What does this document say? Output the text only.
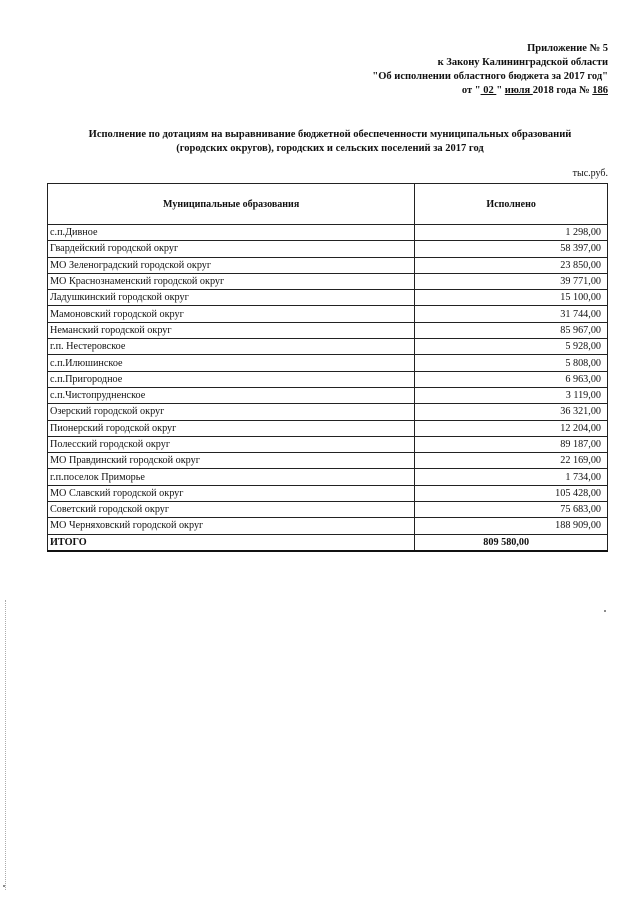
Приложение № 5
к Закону Калининградской области
"Об исполнении областного бюджета за 2017 год"
от " 02 " июля 2018 года № 186
Исполнение по дотациям на выравнивание бюджетной обеспеченности муниципальных образований
(городских округов), городских и сельских поселений за 2017 год
тыс.руб.
Муниципальные образования	Исполнено
с.п.Дивное	1 298,00
Гвардейский городской округ	58 397,00
МО Зеленоградский городской округ	23 850,00
МО Краснознаменский городской округ	39 771,00
Ладушкинский городской округ	15 100,00
Мамоновский городской округ	31 744,00
Неманский городской округ	85 967,00
г.п. Нестеровское	5 928,00
с.п.Илюшинское	5 808,00
с.п.Пригородное	6 963,00
с.п.Чистопрудненское	3 119,00
Озерский городской округ	36 321,00
Пионерский городской округ	12 204,00
Полесский городской округ	89 187,00
МО Правдинский городской округ	22 169,00
г.п.поселок Приморье	1 734,00
МО Славский городской округ	105 428,00
Советский городской округ	75 683,00
МО Черняховский городской округ	188 909,00
ИТОГО	809 580,00
